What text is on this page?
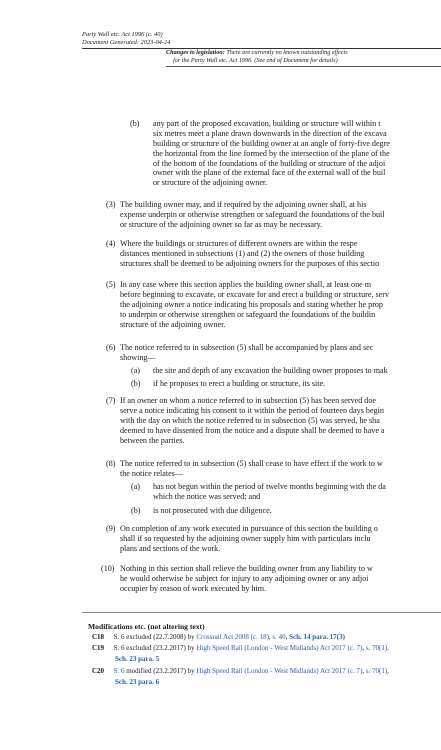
Party Wall etc. Act 1996 (c. 40)
Document Generated: 2023-04-24
Changes to legislation: There are currently no known outstanding effects
for the Party Wall etc. Act 1996. (See end of Document for details)
(b) any part of the proposed excavation, building or structure will within t
six metres meet a plane drawn downwards in the direction of the excava
building or structure of the building owner at an angle of forty-five degre
the horizontal from the line formed by the intersection of the plane of the
of the bottom of the foundations of the building or structure of the adjoi
owner with the plane of the external face of the external wall of the buil
or structure of the adjoining owner.
(3) The building owner may, and if required by the adjoining owner shall, at his
expense underpin or otherwise strengthen or safeguard the foundations of the buil
or structure of the adjoining owner so far as may be necessary.
(4) Where the buildings or structures of different owners are within the respe
distances mentioned in subsections (1) and (2) the owners of those building
structures shall be deemed to be adjoining owners for the purposes of this sectio
(5) In any case where this section applies the building owner shall, at least one m
before beginning to excavate, or excavate for and erect a building or structure, serv
the adjoining owner a notice indicating his proposals and stating whether he prop
to underpin or otherwise strengthen or safeguard the foundations of the buildin
structure of the adjoining owner.
(6) The notice referred to in subsection (5) shall be accompanied by plans and sec
showing—
(a) the site and depth of any excavation the building owner proposes to mak
(b) if he proposes to erect a building or structure, its site.
(7) If an owner on whom a notice referred to in subsection (5) has been served doe
serve a notice indicating his consent to it within the period of fourteen days begin
with the day on which the notice referred to in subsection (5) was served, he sha
deemed to have dissented from the notice and a dispute shall be deemed to have a
between the parties.
(8) The notice referred to in subsection (5) shall cease to have effect if the work to w
the notice relates—
(a) has not begun within the period of twelve months beginning with the da
which the notice was served; and
(b) is not prosecuted with due diligence.
(9) On completion of any work executed in pursuance of this section the building o
shall if so requested by the adjoining owner supply him with particulars inclu
plans and sections of the work.
(10) Nothing in this section shall relieve the building owner from any liability to w
he would otherwise be subject for injury to any adjoining owner or any adjoi
occupier by reason of work executed by him.
Modifications etc. (not altering text)
C18 S. 6 excluded (22.7.2008) by Crossrail Act 2008 (c. 18), s. 40, Sch. 14 para. 17(3)
C19 S. 6 excluded (23.2.2017) by High Speed Rail (London - West Midlands) Act 2017 (c. 7), s. 70(1),
Sch. 23 para. 5
C20 S. 6 modified (23.2.2017) by High Speed Rail (London - West Midlands) Act 2017 (c. 7), s. 70(1),
Sch. 23 para. 6
